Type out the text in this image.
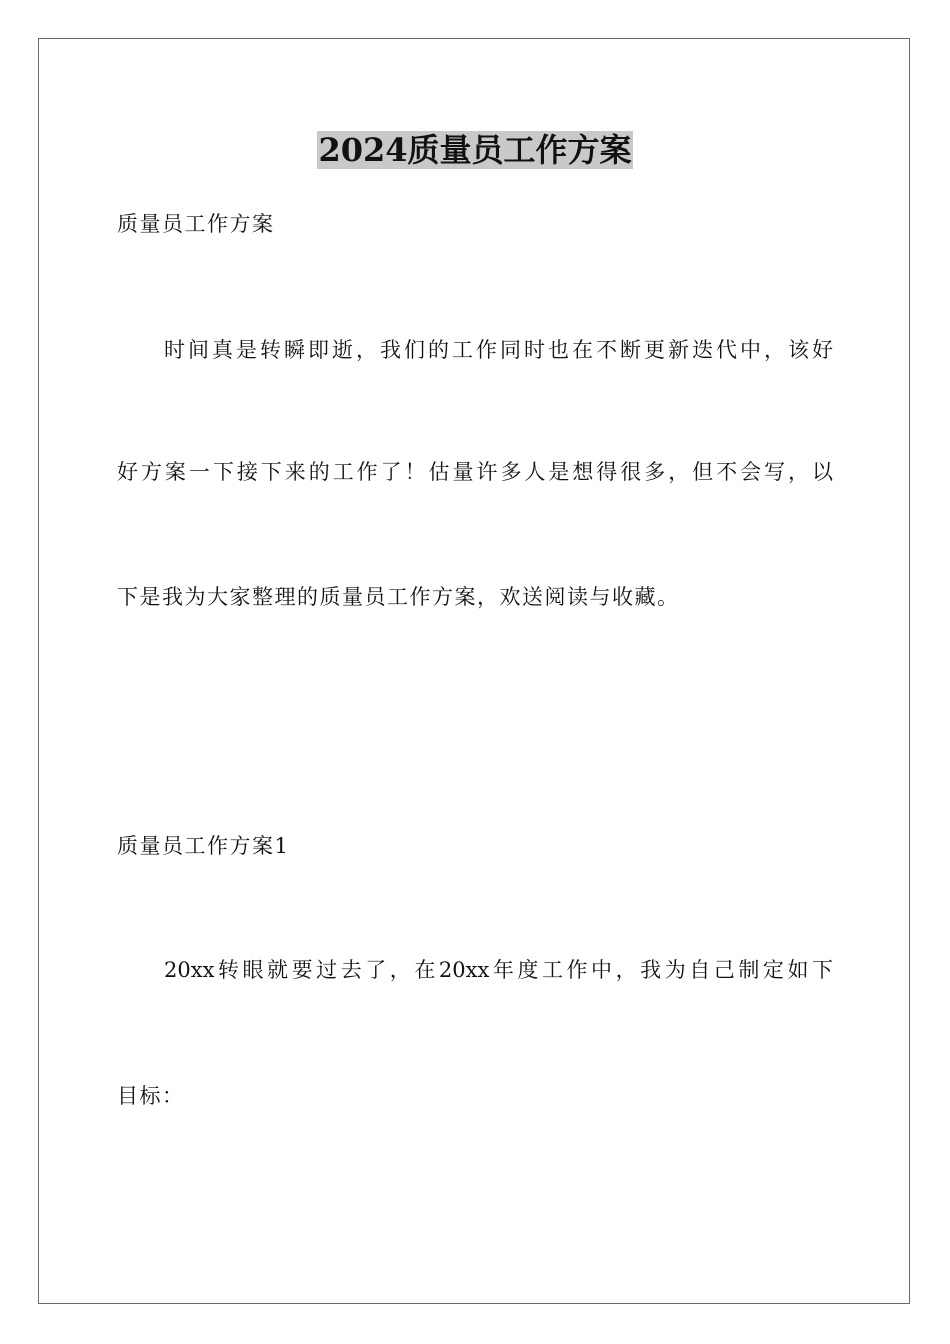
2024质量员工作方案
质量员工作方案
时间真是转瞬即逝，我们的工作同时也在不断更新迭代中，该好
好方案一下接下来的工作了！估量许多人是想得很多，但不会写，以
下是我为大家整理的质量员工作方案，欢送阅读与收藏。
质量员工作方案1
20xx转眼就要过去了，在20xx年度工作中，我为自己制定如下
目标：
